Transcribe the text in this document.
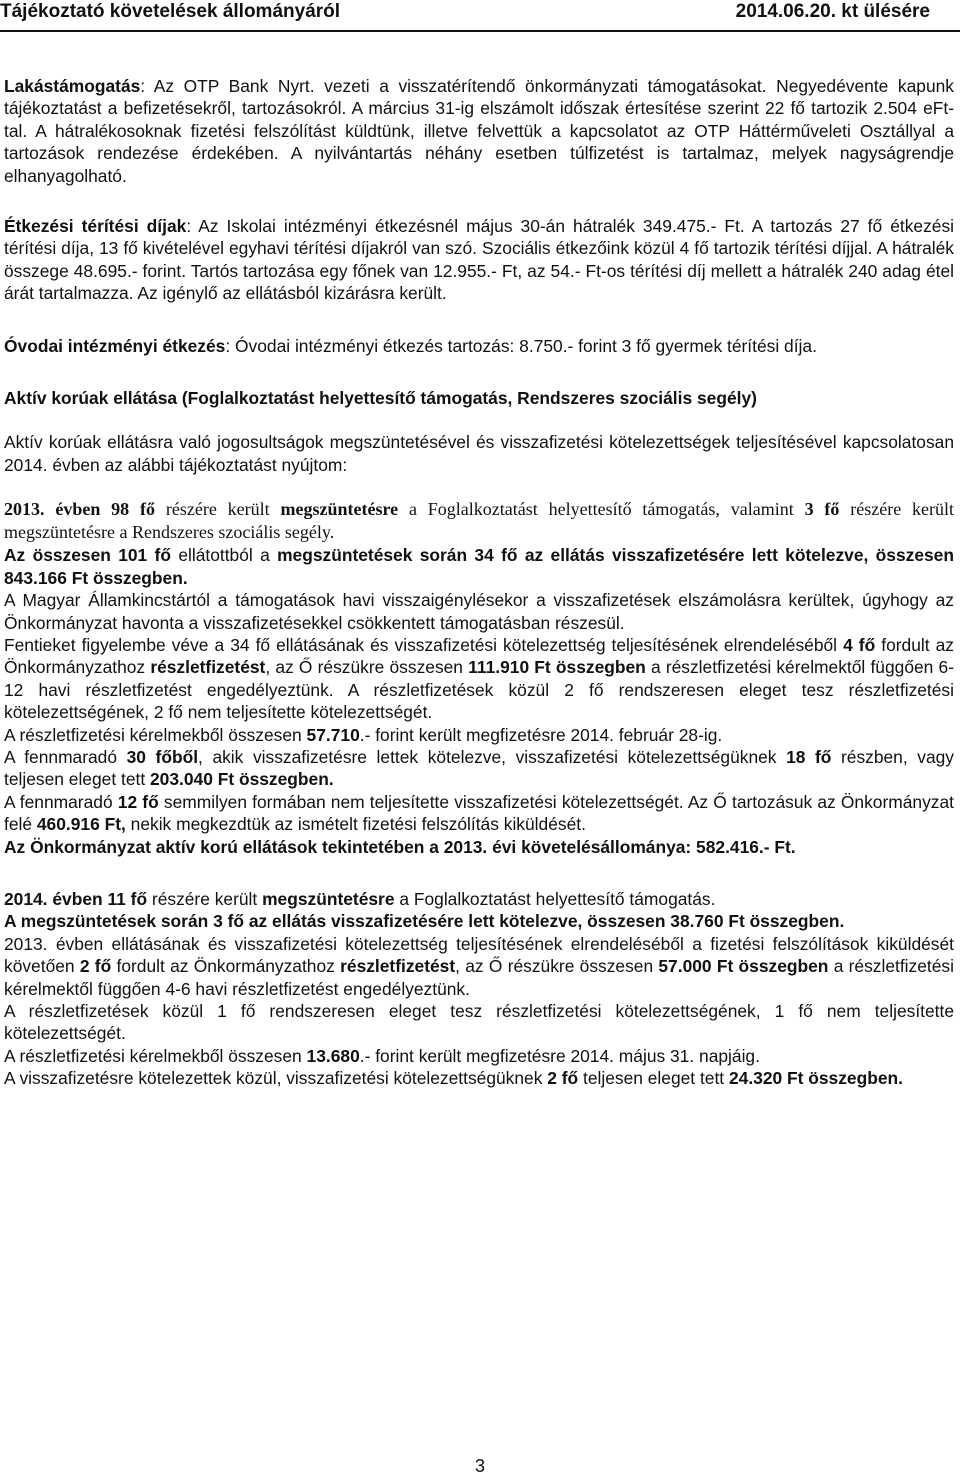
Tájékoztató követelések állományáról	2014.06.20. kt ülésére

Lakástámogatás: Az OTP Bank Nyrt. vezeti a visszatérítendő önkormányzati támogatásokat. Negyedévente kapunk tájékoztatást a befizetésekről, tartozásokról. A március 31-ig elszámolt időszak értesítése szerint 22 fő tartozik 2.504 eFt-tal. A hátralékosoknak fizetési felszólítást küldtünk, illetve felvettük a kapcsolatot az OTP Háttérműveleti Osztállyal a tartozások rendezése érdekében. A nyilvántartás néhány esetben túlfizetést is tartalmaz, melyek nagyságrendje elhanyagolható.

Étkezési térítési díjak: Az Iskolai intézményi étkezésnél május 30-án hátralék 349.475.- Ft. A tartozás 27 fő étkezési térítési díja, 13 fő kivételével egyhavi térítési díjakról van szó. Szociális étkezőink közül 4 fő tartozik térítési díjjal. A hátralék összege 48.695.- forint. Tartós tartozása egy főnek van 12.955.- Ft, az 54.- Ft-os térítési díj mellett a hátralék 240 adag étel árát tartalmazza. Az igénylő az ellátásból kizárásra került.

Óvodai intézményi étkezés: Óvodai intézményi étkezés tartozás: 8.750.- forint 3 fő gyermek térítési díja.

Aktív korúak ellátása (Foglalkoztatást helyettesítő támogatás, Rendszeres szociális segély)

Aktív korúak ellátásra való jogosultságok megszüntetésével és visszafizetési kötelezettségek teljesítésével kapcsolatosan 2014. évben az alábbi tájékoztatást nyújtom:

2013. évben 98 fő részére került megszüntetésre a Foglalkoztatást helyettesítő támogatás, valamint 3 fő részére került megszüntetésre a Rendszeres szociális segély.

Az összesen 101 fő ellátottból a megszüntetések során 34 fő az ellátás visszafizetésére lett kötelezve, összesen 843.166 Ft összegben.

A Magyar Államkincstártól a támogatások havi visszaigénylésekor a visszafizetések elszámolásra kerültek, úgyhogy az Önkormányzat havonta a visszafizetésekkel csökkentett támogatásban részesül.

Fentieket figyelembe véve a 34 fő ellátásának és visszafizetési kötelezettség teljesítésének elrendeléséből 4 fő fordult az Önkormányzathoz részletfizetést, az Ő részükre összesen 111.910 Ft összegben a részletfizetési kérelmektől függően 6-12 havi részletfizetést engedélyeztünk. A részletfizetések közül 2 fő rendszeresen eleget tesz részletfizetési kötelezettségének, 2 fő nem teljesítette kötelezettségét.

A részletfizetési kérelmekből összesen 57.710.- forint került megfizetésre 2014. február 28-ig.

A fennmaradó 30 főből, akik visszafizetésre lettek kötelezve, visszafizetési kötelezettségüknek 18 fő részben, vagy teljesen eleget tett 203.040 Ft összegben.

A fennmaradó 12 fő semmilyen formában nem teljesítette visszafizetési kötelezettségét. Az Ő tartozásuk az Önkormányzat felé 460.916 Ft, nekik megkezdtük az ismételt fizetési felszólítás kiküldését.

Az Önkormányzat aktív korú ellátások tekintetében a 2013. évi követelésállománya: 582.416.- Ft.

2014. évben 11 fő részére került megszüntetésre a Foglalkoztatást helyettesítő támogatás.

A megszüntetések során 3 fő az ellátás visszafizetésére lett kötelezve, összesen 38.760 Ft összegben.

2013. évben ellátásának és visszafizetési kötelezettség teljesítésének elrendeléséből a fizetési felszólítások kiküldését követően 2 fő fordult az Önkormányzathoz részletfizetést, az Ő részükre összesen 57.000 Ft összegben a részletfizetési kérelmektől függően 4-6 havi részletfizetést engedélyeztünk.

A részletfizetések közül 1 fő rendszeresen eleget tesz részletfizetési kötelezettségének, 1 fő nem teljesítette kötelezettségét.

A részletfizetési kérelmekből összesen 13.680.- forint került megfizetésre 2014. május 31. napjáig.

A visszafizetésre kötelezettek közül, visszafizetési kötelezettségüknek 2 fő teljesen eleget tett 24.320 Ft összegben.

3
